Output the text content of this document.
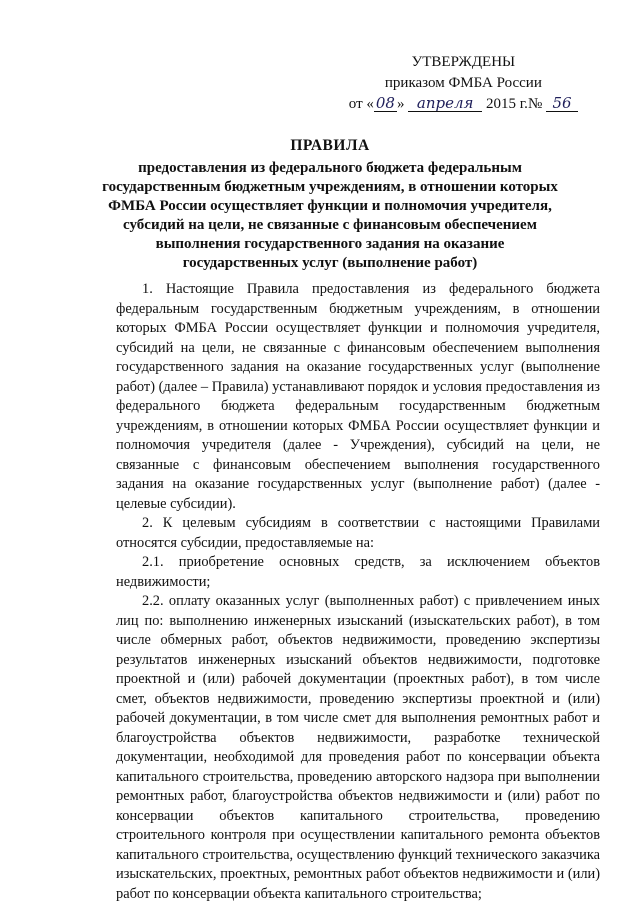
УТВЕРЖДЕНЫ
приказом ФМБА России
от « 08 » апреля 2015 г.№ 56
ПРАВИЛА
предоставления из федерального бюджета федеральным государственным бюджетным учреждениям, в отношении которых ФМБА России осуществляет функции и полномочия учредителя, субсидий на цели, не связанные с финансовым обеспечением выполнения государственного задания на оказание государственных услуг (выполнение работ)

1. Настоящие Правила предоставления из федерального бюджета федеральным государственным бюджетным учреждениям, в отношении которых ФМБА России осуществляет функции и полномочия учредителя, субсидий на цели, не связанные с финансовым обеспечением выполнения государственного задания на оказание государственных услуг (выполнение работ) (далее – Правила) устанавливают порядок и условия предоставления из федерального бюджета федеральным государственным бюджетным учреждениям, в отношении которых ФМБА России осуществляет функции и полномочия учредителя (далее - Учреждения), субсидий на цели, не связанные с финансовым обеспечением выполнения государственного задания на оказание государственных услуг (выполнение работ) (далее - целевые субсидии).

2. К целевым субсидиям в соответствии с настоящими Правилами относятся субсидии, предоставляемые на:

2.1. приобретение основных средств, за исключением объектов недвижимости;

2.2. оплату оказанных услуг (выполненных работ) с привлечением иных лиц по: выполнению инженерных изысканий (изыскательских работ), в том числе обмерных работ, объектов недвижимости, проведению экспертизы результатов инженерных изысканий объектов недвижимости, подготовке проектной и (или) рабочей документации (проектных работ), в том числе смет, объектов недвижимости, проведению экспертизы проектной и (или) рабочей документации, в том числе смет для выполнения ремонтных работ и благоустройства объектов недвижимости, разработке технической документации, необходимой для проведения работ по консервации объекта капитального строительства, проведению авторского надзора при выполнении ремонтных работ, благоустройства объектов недвижимости и (или) работ по консервации объектов капитального строительства, проведению строительного контроля при осуществлении капитального ремонта объектов капитального строительства, осуществлению функций технического заказчика изыскательских, проектных, ремонтных работ объектов недвижимости и (или) работ по консервации объекта капитального строительства;
